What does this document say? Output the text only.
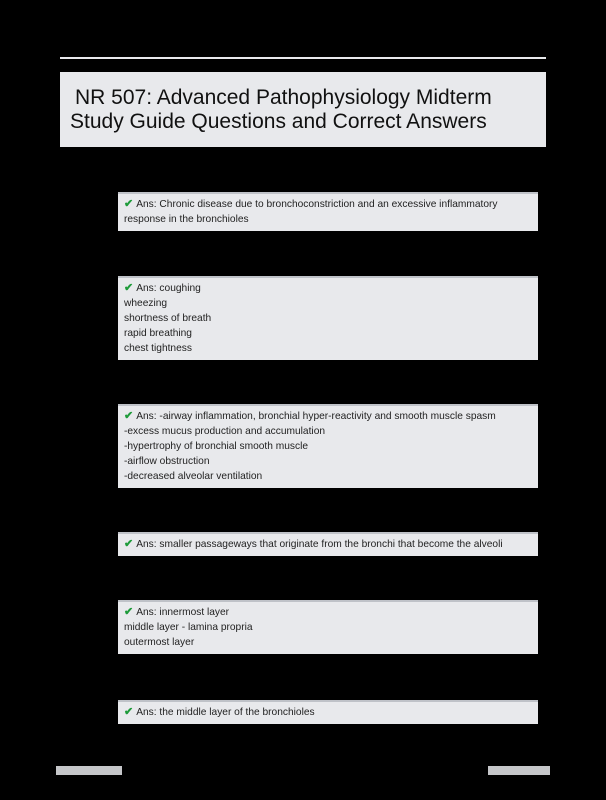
NR 507: Advanced Pathophysiology Midterm
Study Guide Questions and Correct Answers
✔ Ans: Chronic disease due to bronchoconstriction and an excessive inflammatory
response in the bronchioles
✔ Ans: coughing
wheezing
shortness of breath
rapid breathing
chest tightness
✔ Ans: -airway inflammation, bronchial hyper-reactivity and smooth muscle spasm
-excess mucus production and accumulation
-hypertrophy of bronchial smooth muscle
-airflow obstruction
-decreased alveolar ventilation
✔ Ans: smaller passageways that originate from the bronchi that become the alveoli
✔ Ans: innermost layer
middle layer - lamina propria
outermost layer
✔ Ans: the middle layer of the bronchioles
